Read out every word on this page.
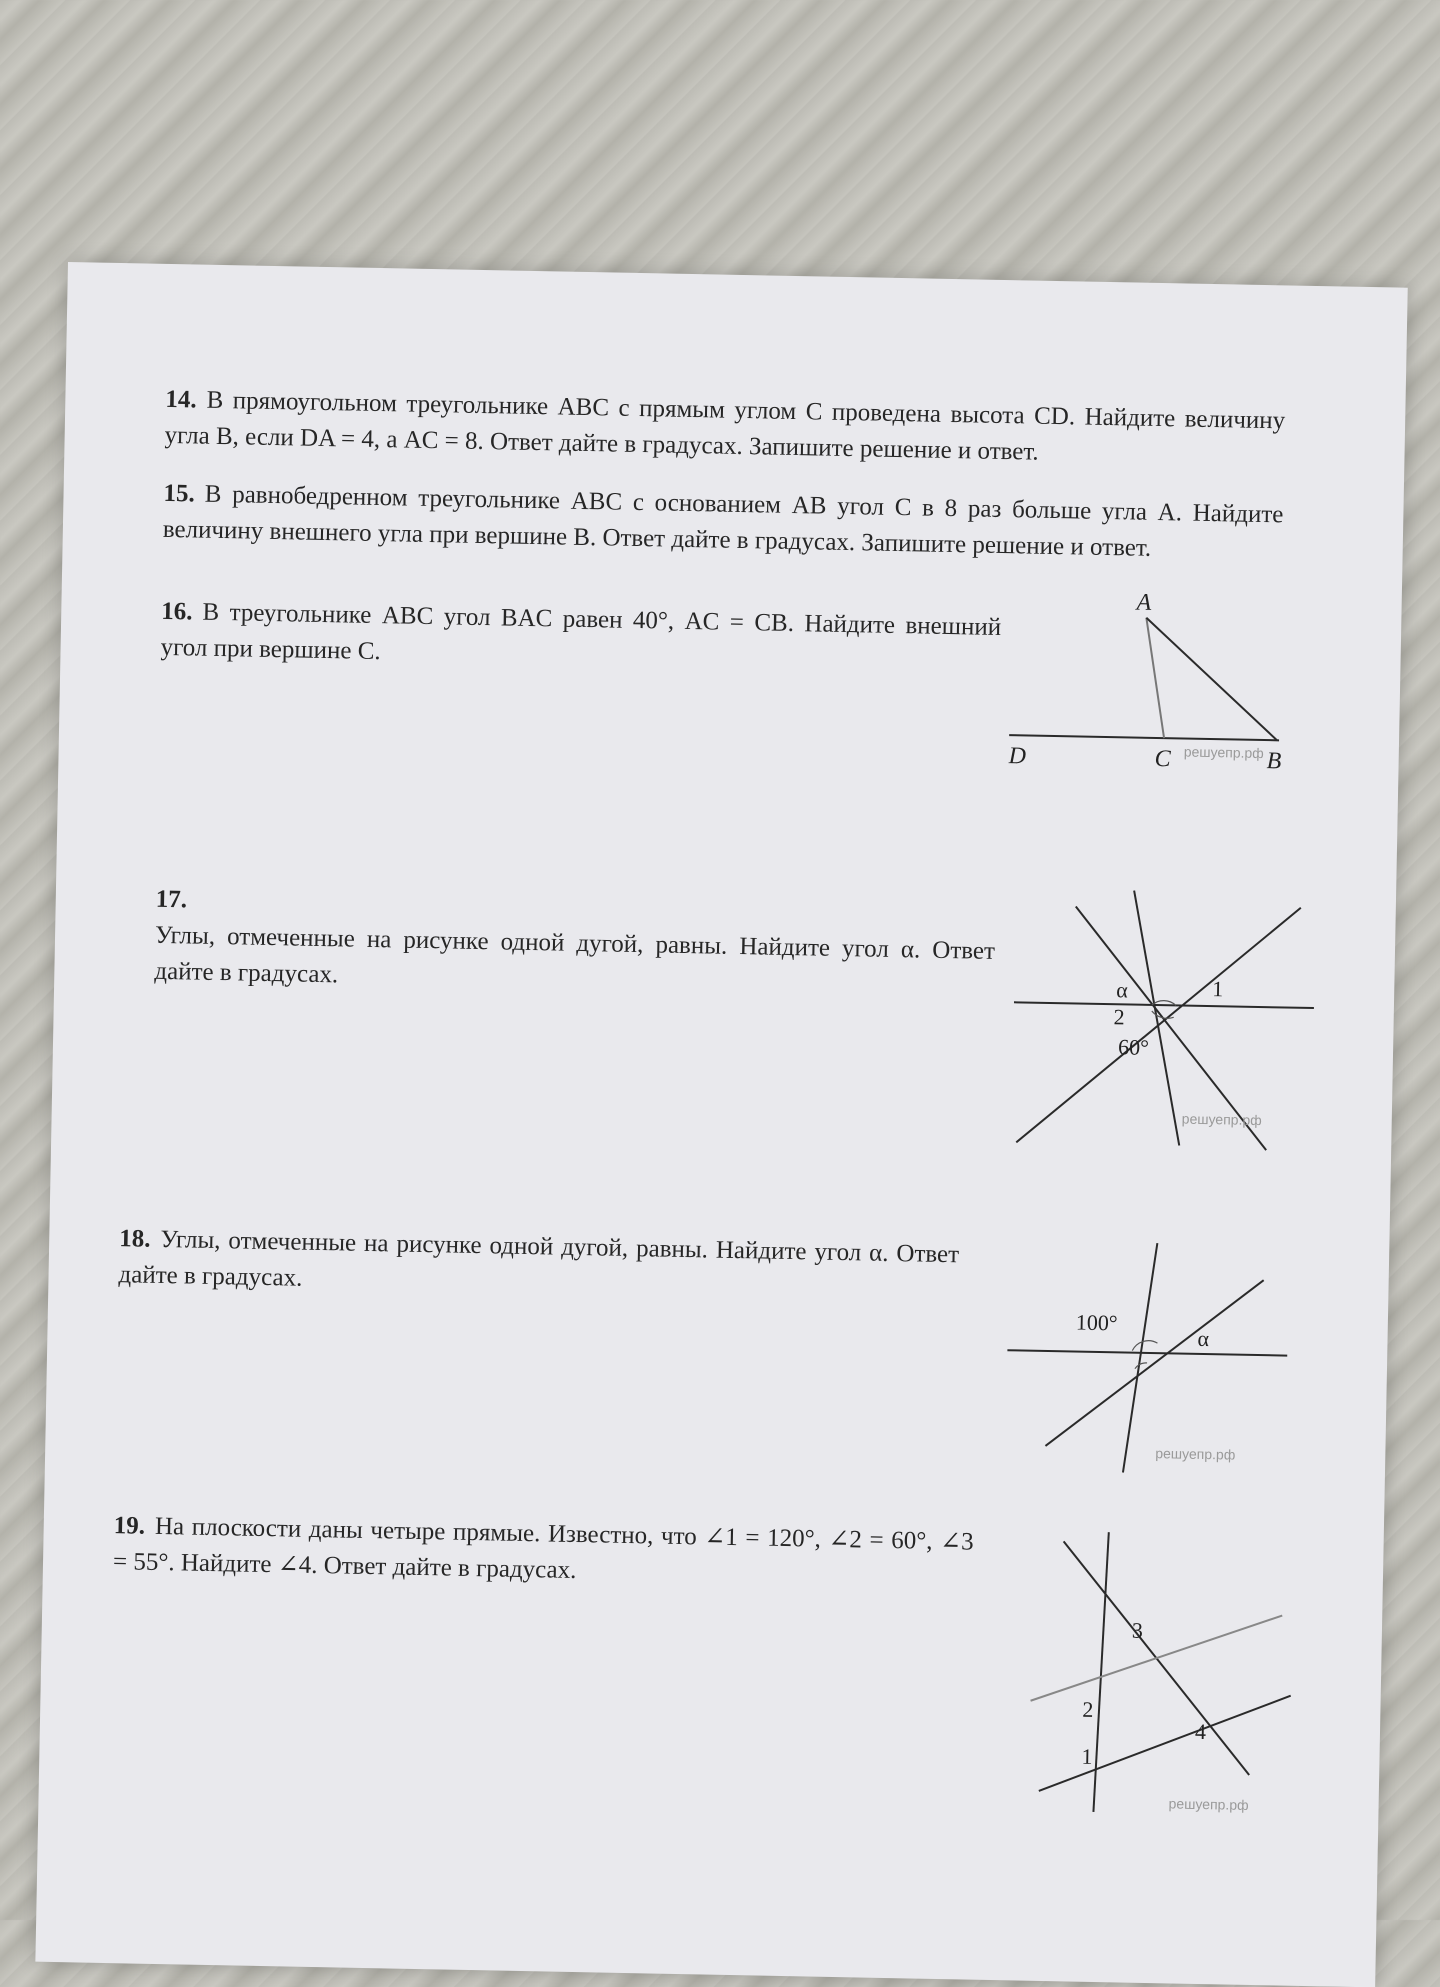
14. В прямоугольном треугольнике ABC с прямым углом C проведена высота CD. Найдите величину угла B, если DA = 4, а AC = 8. Ответ дайте в градусах. Запишите решение и ответ.
15. В равнобедренном треугольнике ABC с основанием AB угол C в 8 раз больше угла A. Найдите величину внешнего угла при вершине B. Ответ дайте в градусах. Запишите решение и ответ.
16. В треугольнике ABC угол BAC равен 40°, AC = CB. Найдите внешний угол при вершине C.
A
D	C	B
решуепр.рф
17.
Углы, отмеченные на рисунке одной дугой, равны. Найдите угол α. Ответ дайте в градусах.
α	1
2
60°
решуепр.рф
18. Углы, отмеченные на рисунке одной дугой, равны. Найдите угол α. Ответ дайте в градусах.
100°
α
решуепр.рф
19. На плоскости даны четыре прямые. Известно, что ∠1 = 120°, ∠2 = 60°, ∠3 = 55°. Найдите ∠4. Ответ дайте в градусах.
3
2
1
4
решуепр.рф
